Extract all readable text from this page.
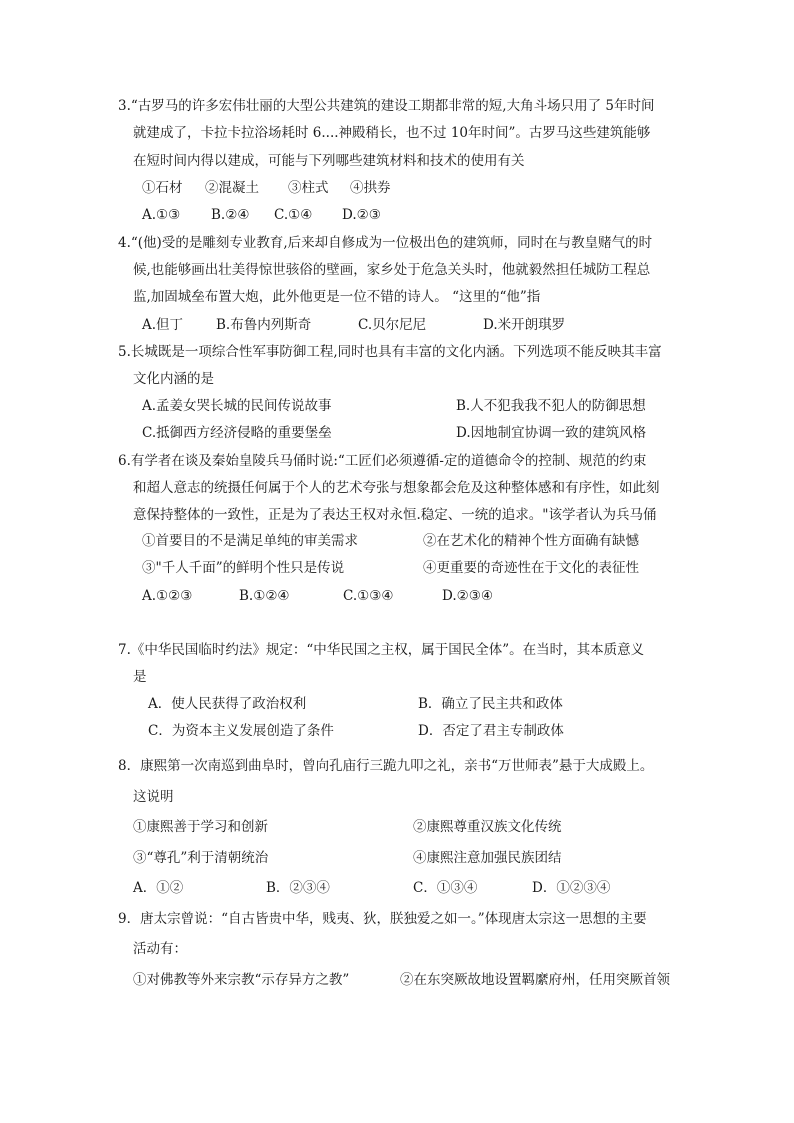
3.“古罗马的许多宏伟壮丽的大型公共建筑的建设工期都非常的短,大角斗场只用了 5年时间
就建成了，卡拉卡拉浴场耗时 6....神殿稍长，也不过 10年时间”。古罗马这些建筑能够
在短时间内得以建成，可能与下列哪些建筑材料和技术的使用有关
①石材 ②混凝土 ③柱式 ④拱券
A.①③ B.②④ C.①④ D.②③
4.“(他)受的是雕刻专业教育,后来却自修成为一位极出色的建筑师，同时在与教皇赌气的时
候,也能够画出壮美得惊世骇俗的壁画，家乡处于危急关头时，他就毅然担任城防工程总
监,加固城垒布置大炮，此外他更是一位不错的诗人。 “这里的“他”指
A.但丁 B.布鲁内列斯奇	C.贝尔尼尼	D.米开朗琪罗
5.长城既是一项综合性军事防御工程,同时也具有丰富的文化内涵。下列选项不能反映其丰富
文化内涵的是
A.孟姜女哭长城的民间传说故事	B.人不犯我我不犯人的防御思想
C.抵御西方经济侵略的重要堡垒	D.因地制宜协调一致的建筑风格
6.有学者在谈及秦始皇陵兵马俑时说:“工匠们必须遵循-定的道德命令的控制、规范的约束
和超人意志的统摄任何属于个人的艺术夸张与想象都会危及这种整体感和有序性，如此刻
意保持整体的一致性，正是为了表达王权对永恒.稳定、一统的追求。"该学者认为兵马俑
①首要目的不是满足单纯的审美需求	②在艺术化的精神个性方面确有缺憾
③"千人千面”的鲜明个性只是传说	④更重要的奇迹性在于文化的表征性
A.①②③	B.①②④	C.①③④	D.②③④
7.《中华民国临时约法》规定：“中华民国之主权，属于国民全体”。在当时，其本质意义
是
A．使人民获得了政治权利	B．确立了民主共和政体
C．为资本主义发展创造了条件	D．否定了君主专制政体
8．康熙第一次南巡到曲阜时，曾向孔庙行三跪九叩之礼，亲书“万世师表”悬于大成殿上。
这说明
①康熙善于学习和创新	②康熙尊重汉族文化传统
③“尊孔”利于清朝统治	④康熙注意加强民族团结
A．①②	B．②③④	C．①③④	D．①②③④
9．唐太宗曾说：“自古皆贵中华，贱夷、狄，朕独爱之如一。”体现唐太宗这一思想的主要
活动有：
①对佛教等外来宗教“示存异方之教”	②在东突厥故地设置羁縻府州，任用突厥首领
